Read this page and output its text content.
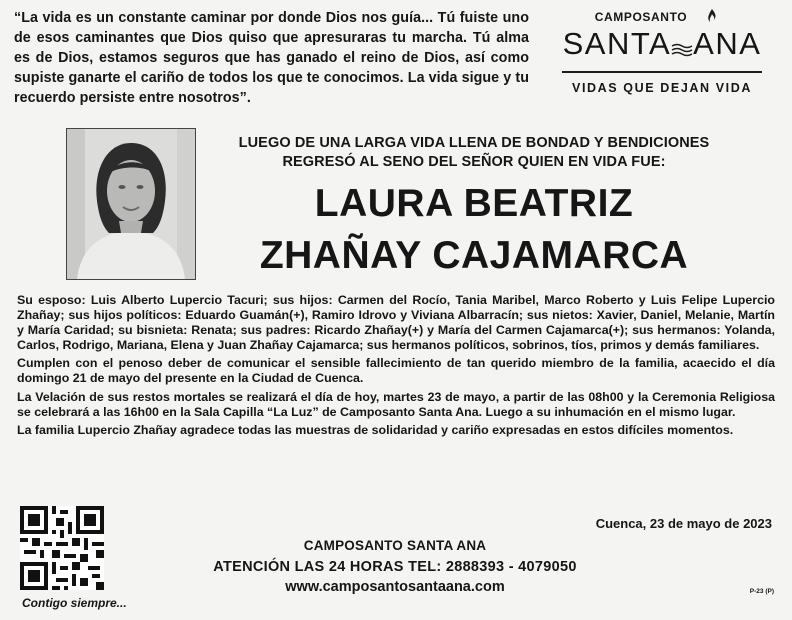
“La vida es un constante caminar por donde Dios nos guía... Tú fuiste uno de esos caminantes que Dios quiso que apresuraras tu marcha. Tú alma es de Dios, estamos seguros que has ganado el reino de Dios, así como supiste ganarte el cariño de todos los que te conocimos. La vida sigue y tu recuerdo persiste entre nosotros”.
CAMPOSANTO
SANTA ANA
VIDAS QUE DEJAN VIDA
LUEGO DE UNA LARGA VIDA LLENA DE BONDAD Y BENDICIONES
REGRESÓ AL SENO DEL SEÑOR QUIEN EN VIDA FUE:
LAURA BEATRIZ
ZHAÑAY CAJAMARCA

Su esposo: Luis Alberto Lupercio Tacuri; sus hijos: Carmen del Rocío, Tania Maribel, Marco Roberto y Luis Felipe Lupercio Zhañay; sus hijos políticos: Eduardo Guamán(+), Ramiro Idrovo y Viviana Albarracín; sus nietos: Xavier, Daniel, Melanie, Martín y María Caridad; su bisnieta: Renata; sus padres: Ricardo Zhañay(+) y María del Carmen Cajamarca(+); sus hermanos: Yolanda, Carlos, Rodrigo, Mariana, Elena y Juan Zhañay Cajamarca; sus hermanos políticos, sobrinos, tíos, primos y demás familiares.

Cumplen con el penoso deber de comunicar el sensible fallecimiento de tan querido miembro de la familia, acaecido el día domingo 21 de mayo del presente en la Ciudad de Cuenca.

La Velación de sus restos mortales se realizará el día de hoy, martes 23 de mayo, a partir de las 08h00 y la Ceremonia Religiosa se celebrará a las 16h00 en la Sala Capilla “La Luz” de Camposanto Santa Ana. Luego a su inhumación en el mismo lugar.

La familia Lupercio Zhañay agradece todas las muestras de solidaridad y cariño expresadas en estos difíciles momentos.

Cuenca, 23 de mayo de 2023
Contigo siempre...
CAMPOSANTO SANTA ANA
ATENCIÓN LAS 24 HORAS TEL: 2888393 - 4079050
www.camposantosantaana.com	P-23 (P)
